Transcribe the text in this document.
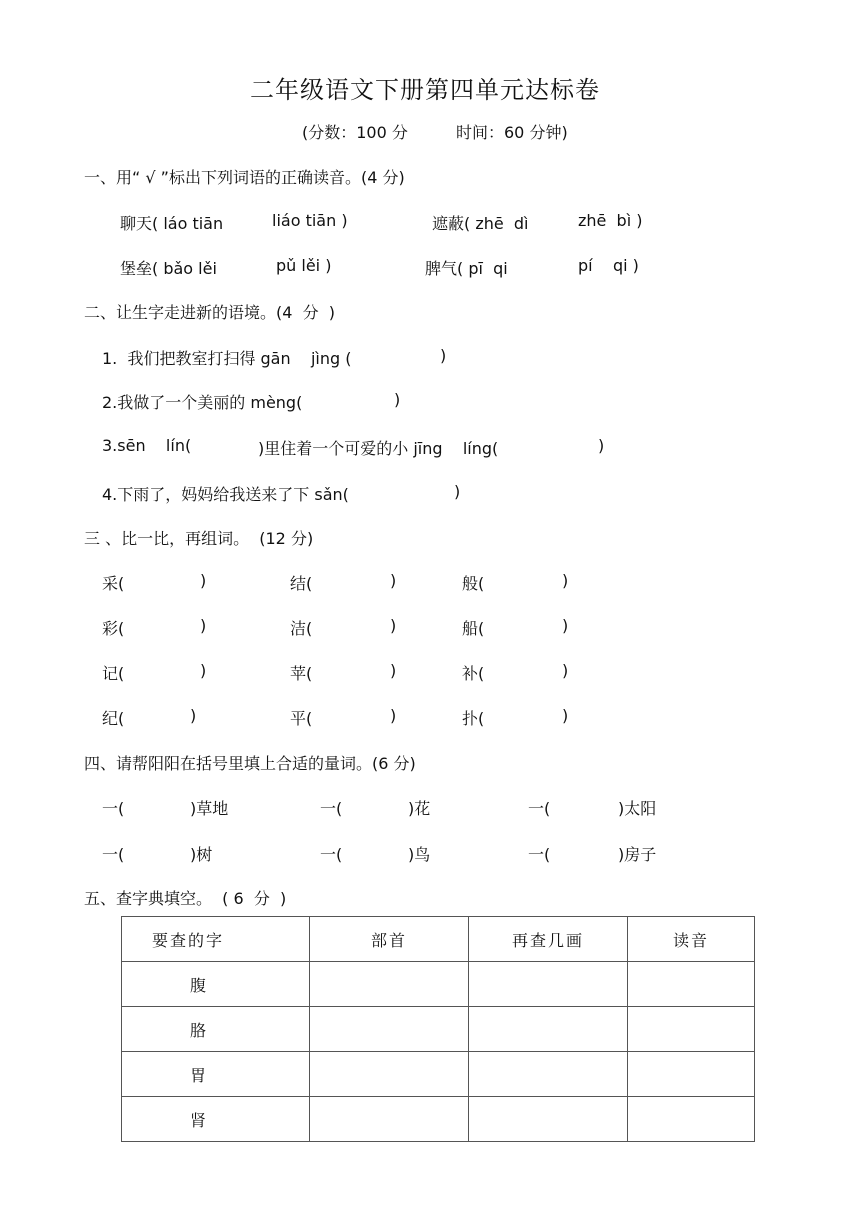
二年级语文下册第四单元达标卷
(分数：100 分	时间：60 分钟)
一、用“ √ ”标出下列词语的正确读音。(4 分)
聊天( láo tiān	liáo tiān )	遮蔽( zhē  dì	zhē  bì )
堡垒( bǎo lěi	pǔ lěi )	脾气( pī  qi	pí    qi )
二、让生字走进新的语境。(4  分  )
1.  我们把教室打扫得 gān    jìng (	)
2.我做了一个美丽的 mèng(	)
3.sēn    lín(	)里住着一个可爱的小 jīng    líng(	)
4.下雨了，妈妈给我送来了下 sǎn(	)
三 、比一比，再组词。  (12 分)
采(	)	结(	)	般(	)
彩(	)	洁(	)	船(	)
记(	)	苹(	)	补(	)
纪(	)	平(	)	扑(	)
四、请帮阳阳在括号里填上合适的量词。(6 分)
一(	)草地	一(	)花	一(	)太阳
一(	)树	一(	)鸟	一(	)房子
五、查字典填空。  ( 6  分  )
要查的字	部首	再查几画	读音
腹			
胳			
胃			
肾			
